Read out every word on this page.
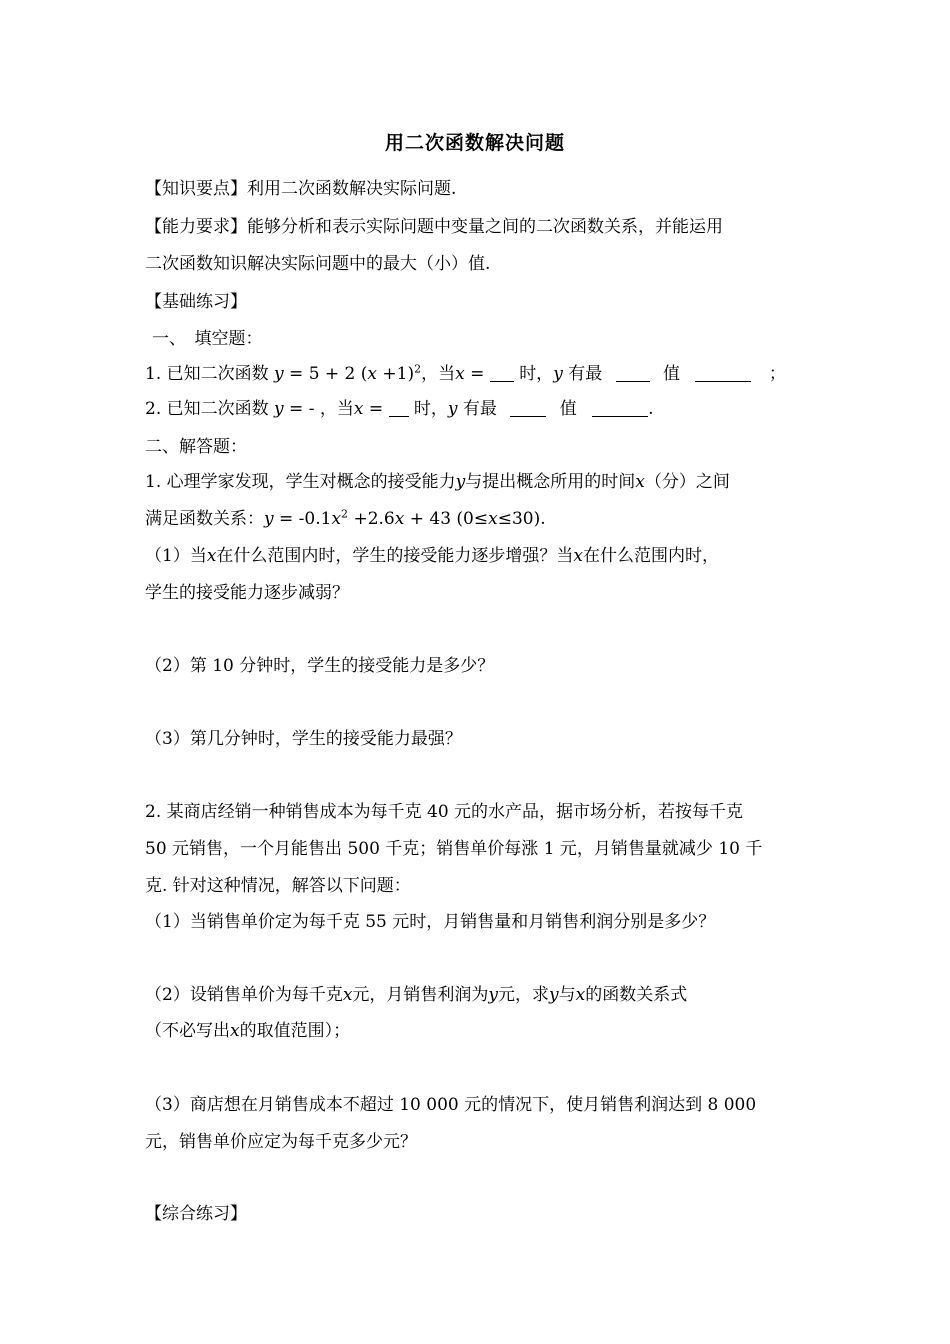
用二次函数解决问题
【知识要点】利用二次函数解决实际问题.
【能力要求】能够分析和表示实际问题中变量之间的二次函数关系，并能运用
二次函数知识解决实际问题中的最大（小）值.
【基础练习】
一、　填空题：
1. 已知二次函数 y = 5 + 2 $(x +1)^2$，当x = 时，y 有最	值	；
2. 已知二次函数 y = - ，当x = 时，y 有最	值	.
二、解答题：
1. 心理学家发现，学生对概念的接受能力y与提出概念所用的时间x（分）之间
满足函数关系：$y = -0.1x^2 +2.6x + 43$ (0≤x≤30).
（1）当x在什么范围内时，学生的接受能力逐步增强？当x在什么范围内时，
学生的接受能力逐步减弱？
（2）第 10 分钟时，学生的接受能力是多少？
（3）第几分钟时，学生的接受能力最强？
2. 某商店经销一种销售成本为每千克 40 元的水产品，据市场分析，若按每千克
50 元销售，一个月能售出 500 千克；销售单价每涨 1 元，月销售量就减少 10 千
克. 针对这种情况，解答以下问题：
（1）当销售单价定为每千克 55 元时，月销售量和月销售利润分别是多少？
（2）设销售单价为每千克x元，月销售利润为y元，求y与x的函数关系式
（不必写出x的取值范围）；
（3）商店想在月销售成本不超过 10 000 元的情况下，使月销售利润达到 8 000
元，销售单价应定为每千克多少元？
【综合练习】
